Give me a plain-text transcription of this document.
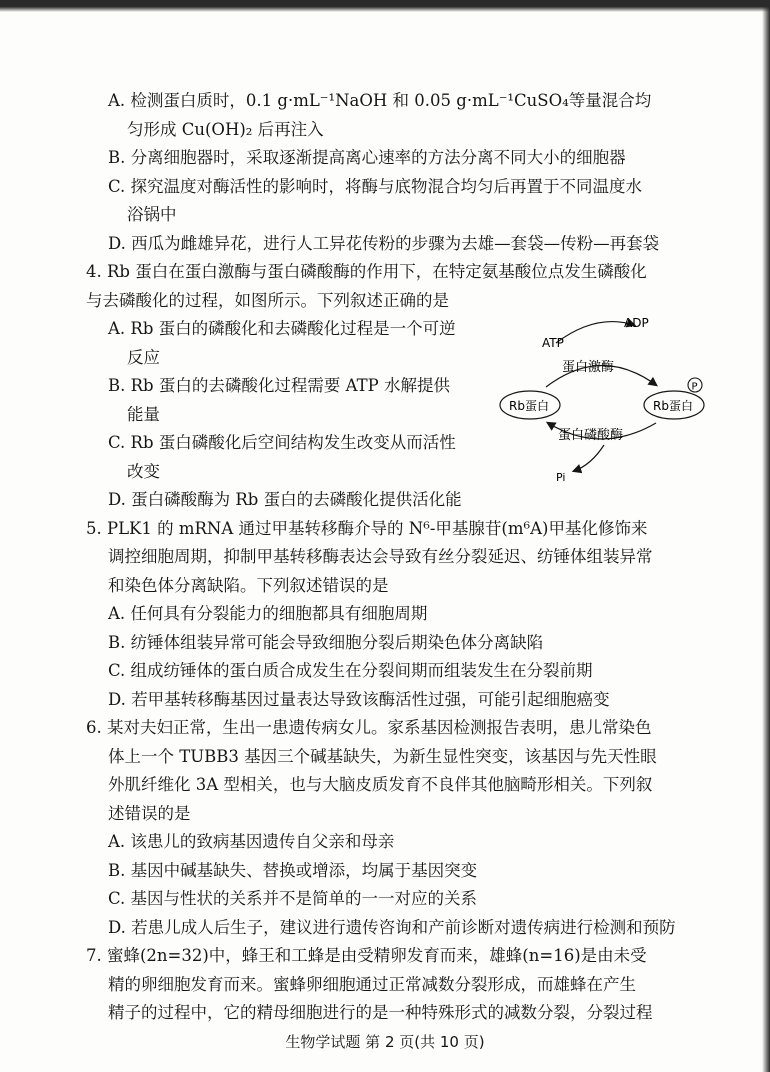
A. 检测蛋白质时，0.1 g·mL⁻¹NaOH 和 0.05 g·mL⁻¹CuSO₄等量混合均
匀形成 Cu(OH)₂ 后再注入
B. 分离细胞器时，采取逐渐提高离心速率的方法分离不同大小的细胞器
C. 探究温度对酶活性的影响时，将酶与底物混合均匀后再置于不同温度水
浴锅中
D. 西瓜为雌雄异花，进行人工异花传粉的步骤为去雄—套袋—传粉—再套袋
4. Rb 蛋白在蛋白激酶与蛋白磷酸酶的作用下，在特定氨基酸位点发生磷酸化
与去磷酸化的过程，如图所示。下列叙述正确的是
A. Rb 蛋白的磷酸化和去磷酸化过程是一个可逆
反应
B. Rb 蛋白的去磷酸化过程需要 ATP 水解提供
能量
C. Rb 蛋白磷酸化后空间结构发生改变从而活性
改变
D. 蛋白磷酸酶为 Rb 蛋白的去磷酸化提供活化能
ATP
ADP
蛋白激酶
Rb蛋白	Rb蛋白
P
蛋白磷酸酶
Pi
5. PLK1 的 mRNA 通过甲基转移酶介导的 N⁶-甲基腺苷(m⁶A)甲基化修饰来
调控细胞周期，抑制甲基转移酶表达会导致有丝分裂延迟、纺锤体组装异常
和染色体分离缺陷。下列叙述错误的是
A. 任何具有分裂能力的细胞都具有细胞周期
B. 纺锤体组装异常可能会导致细胞分裂后期染色体分离缺陷
C. 组成纺锤体的蛋白质合成发生在分裂间期而组装发生在分裂前期
D. 若甲基转移酶基因过量表达导致该酶活性过强，可能引起细胞癌变
6. 某对夫妇正常，生出一患遗传病女儿。家系基因检测报告表明，患儿常染色
体上一个 TUBB3 基因三个碱基缺失，为新生显性突变，该基因与先天性眼
外肌纤维化 3A 型相关，也与大脑皮质发育不良伴其他脑畸形相关。下列叙
述错误的是
A. 该患儿的致病基因遗传自父亲和母亲
B. 基因中碱基缺失、替换或增添，均属于基因突变
C. 基因与性状的关系并不是简单的一一对应的关系
D. 若患儿成人后生子，建议进行遗传咨询和产前诊断对遗传病进行检测和预防
7. 蜜蜂(2n=32)中，蜂王和工蜂是由受精卵发育而来，雄蜂(n=16)是由未受
精的卵细胞发育而来。蜜蜂卵细胞通过正常减数分裂形成，而雄蜂在产生
精子的过程中，它的精母细胞进行的是一种特殊形式的减数分裂，分裂过程
生物学试题 第 2 页(共 10 页)
